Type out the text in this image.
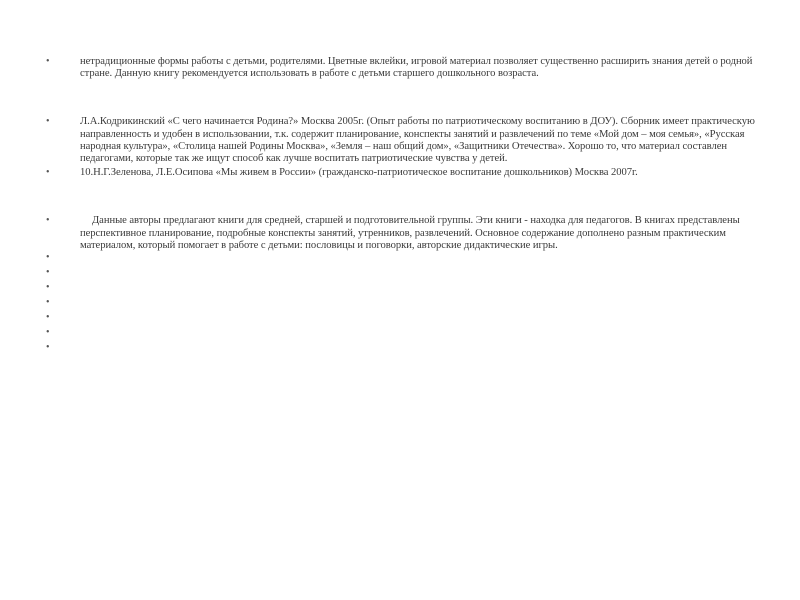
•	нетрадиционные формы работы с детьми, родителями. Цветные вклейки, игровой материал позволяет существенно расширить знания детей о родной стране. Данную книгу рекомендуется использовать в работе с детьми старшего дошкольного возраста.
•	Л.А.Кодрикинский «С чего начинается Родина?» Москва 2005г. (Опыт работы по патриотическому воспитанию в ДОУ). Сборник имеет практическую направленность и удобен в использовании, т.к. содержит планирование, конспекты занятий и развлечений по теме «Мой дом – моя семья», «Русская народная культура», «Столица нашей Родины Москва», «Земля – наш общий дом», «Защитники Отечества». Хорошо то, что материал составлен педагогами, которые так же ищут способ как лучше воспитать патриотические чувства у детей.
•	10.Н.Г.Зеленова, Л.Е.Осипова «Мы живем в России» (гражданско-патриотическое воспитание дошкольников) Москва 2007г.
•	Данные авторы предлагают книги для средней, старшей и подготовительной группы. Эти книги - находка для педагогов. В книгах представлены перспективное планирование, подробные конспекты занятий, утренников, развлечений. Основное содержание дополнено разным практическим материалом, который помогает в работе с детьми: пословицы и поговорки, авторские дидактические игры.
•
•
•
•
•
•
•
